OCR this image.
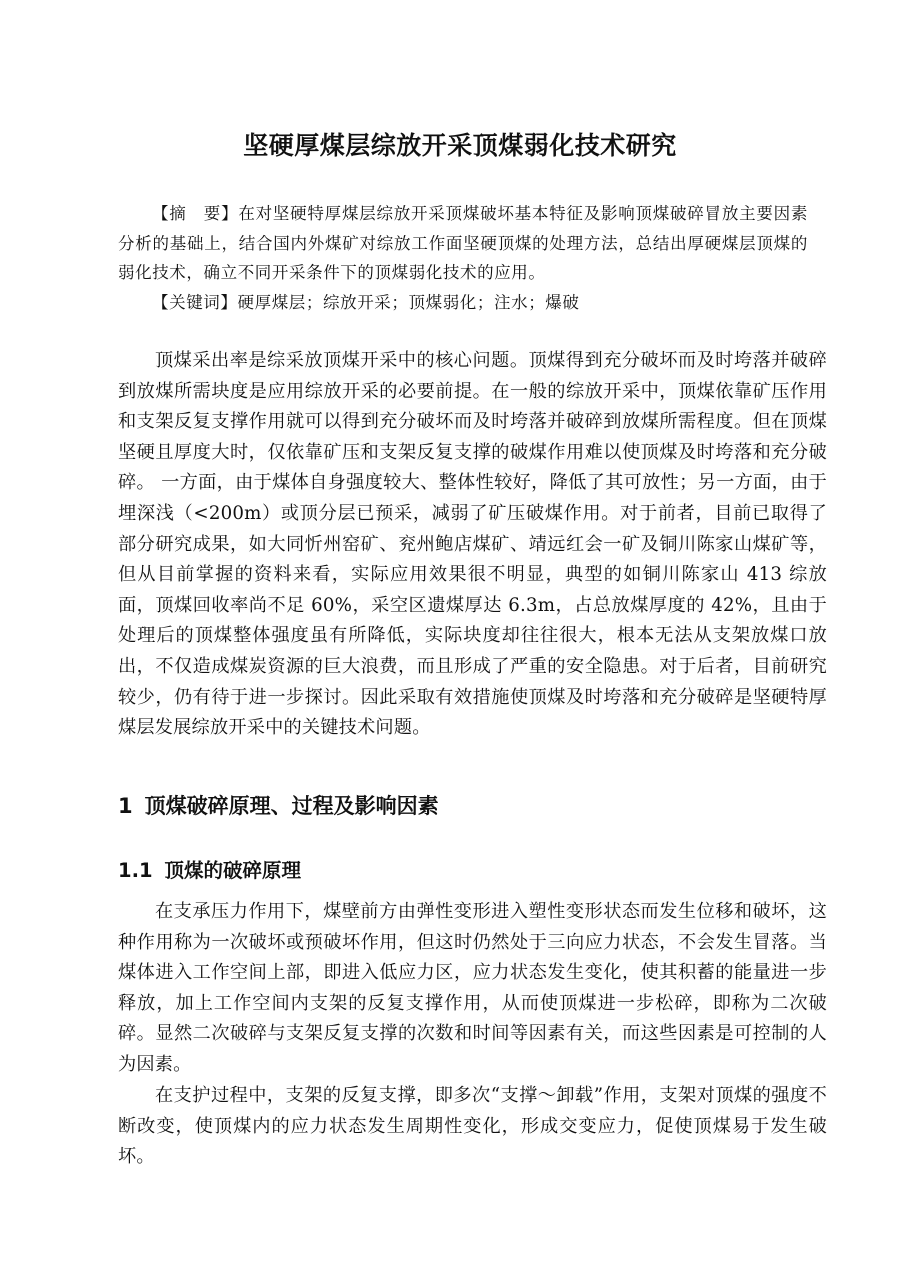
坚硬厚煤层综放开采顶煤弱化技术研究
【摘　要】在对坚硬特厚煤层综放开采顶煤破坏基本特征及影响顶煤破碎冒放主要因素分析的基础上，结合国内外煤矿对综放工作面坚硬顶煤的处理方法，总结出厚硬煤层顶煤的弱化技术，确立不同开采条件下的顶煤弱化技术的应用。
【关键词】硬厚煤层；综放开采；顶煤弱化；注水；爆破
顶煤采出率是综采放顶煤开采中的核心问题。顶煤得到充分破坏而及时垮落并破碎到放煤所需块度是应用综放开采的必要前提。在一般的综放开采中，顶煤依靠矿压作用和支架反复支撑作用就可以得到充分破坏而及时垮落并破碎到放煤所需程度。但在顶煤坚硬且厚度大时，仅依靠矿压和支架反复支撑的破煤作用难以使顶煤及时垮落和充分破碎。 一方面，由于煤体自身强度较大、整体性较好，降低了其可放性；另一方面，由于埋深浅（<200m）或顶分层已预采，减弱了矿压破煤作用。对于前者，目前已取得了部分研究成果，如大同忻州窑矿、兖州鲍店煤矿、靖远红会一矿及铜川陈家山煤矿等，但从目前掌握的资料来看，实际应用效果很不明显，典型的如铜川陈家山 413 综放面，顶煤回收率尚不足 60%，采空区遗煤厚达 6.3m，占总放煤厚度的 42%，且由于处理后的顶煤整体强度虽有所降低，实际块度却往往很大，根本无法从支架放煤口放出，不仅造成煤炭资源的巨大浪费，而且形成了严重的安全隐患。对于后者，目前研究较少，仍有待于进一步探讨。因此采取有效措施使顶煤及时垮落和充分破碎是坚硬特厚煤层发展综放开采中的关键技术问题。
1 顶煤破碎原理、过程及影响因素
1.1 顶煤的破碎原理
在支承压力作用下，煤壁前方由弹性变形进入塑性变形状态而发生位移和破坏，这种作用称为一次破坏或预破坏作用，但这时仍然处于三向应力状态，不会发生冒落。当煤体进入工作空间上部，即进入低应力区，应力状态发生变化，使其积蓄的能量进一步释放，加上工作空间内支架的反复支撑作用，从而使顶煤进一步松碎，即称为二次破碎。显然二次破碎与支架反复支撑的次数和时间等因素有关，而这些因素是可控制的人为因素。
在支护过程中，支架的反复支撑，即多次“支撑～卸载”作用，支架对顶煤的强度不断改变，使顶煤内的应力状态发生周期性变化，形成交变应力，促使顶煤易于发生破坏。
